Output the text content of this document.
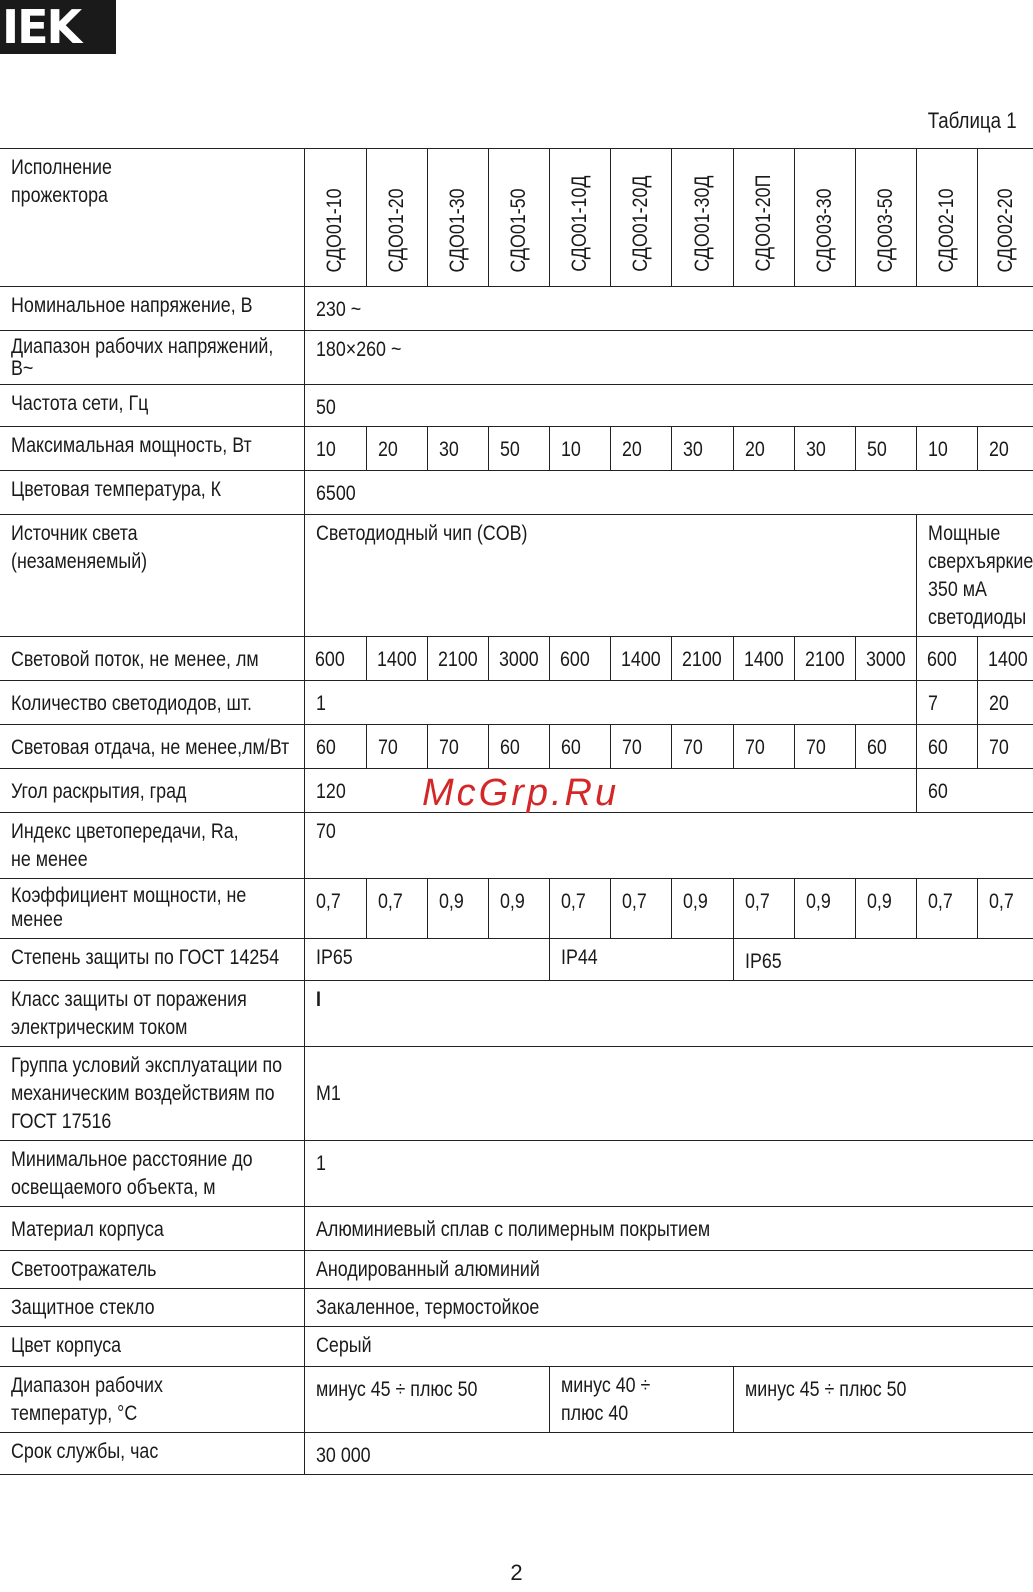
IEK
Таблица 1
Исполнение прожектора	СДО01-10	СДО01-20	СДО01-30	СДО01-50	СДО01-10Д	СДО01-20Д	СДО01-30Д	СДО01-20П	СДО03-30	СДО03-50	СДО02-10	СДО02-20

Номинальное напряжение, В	230 ~											
Диапазон рабочих напряжений, В~	180×260 ~											
Частота сети, Гц	50											
Максимальная мощность, Вт	10	20	30	50	10	20	30	20	30	50	10	20
Цветовая температура, К	6500											
Источник света (незаменяемый)	Светодиодный чип (COB)										Мощные сверхъяркие 350 мА светодиоды	
Световой поток, не менее, лм	600	1400	2100	3000	600	1400	2100	1400	2100	3000	600	1400
Количество светодиодов, шт.	1										7	20
Световая отдача, не менее,лм/Вт	60	70	70	60	60	70	70	70	70	60	60	70
Угол раскрытия, град	120										60	
Индекс цветопередачи, Ra, не менее	70											
Коэффициент мощности, не менее	0,7	0,7	0,9	0,9	0,7	0,7	0,9	0,7	0,9	0,9	0,7	0,7
Степень защиты по ГОСТ 14254	IP65				IP44			IP65				
Класс защиты от поражения электрическим током	I											
Группа условий эксплуатации по механическим воздействиям по ГОСТ 17516	М1											
Минимальное расстояние до освещаемого объекта, м	1											
Материал корпуса	Алюминиевый сплав с полимерным покрытием											
Светоотражатель	Анодированный алюминий											
Защитное стекло	Закаленное, термостойкое											
Цвет корпуса	Серый											
Диапазон рабочих температур, °С	минус 45 ÷ плюс 50				минус 40 ÷ плюс 40			минус 45 ÷ плюс 50				
Срок службы, час	30 000											
McGrp.Ru
2
